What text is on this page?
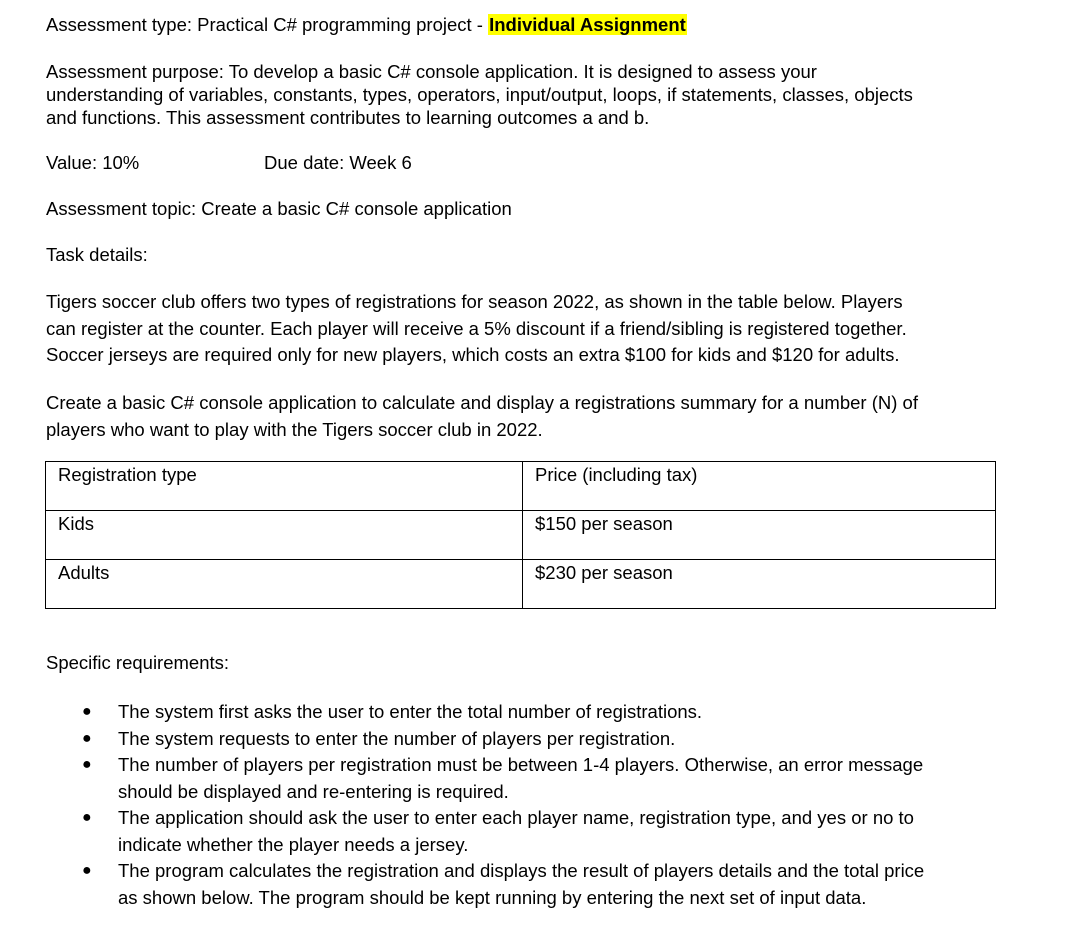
Assessment type: Practical C# programming project - Individual Assignment
Assessment purpose: To develop a basic C# console application. It is designed to assess your
understanding of variables, constants, types, operators, input/output, loops, if statements, classes, objects
and functions. This assessment contributes to learning outcomes a and b.
Value: 10%	Due date: Week 6
Assessment topic: Create a basic C# console application
Task details:
Tigers soccer club offers two types of registrations for season 2022, as shown in the table below. Players
can register at the counter. Each player will receive a 5% discount if a friend/sibling is registered together.
Soccer jerseys are required only for new players, which costs an extra $100 for kids and $120 for adults.
Create a basic C# console application to calculate and display a registrations summary for a number (N) of
players who want to play with the Tigers soccer club in 2022.
Registration type	Price (including tax)
Kids	$150 per season
Adults	$230 per season
Specific requirements:
● The system first asks the user to enter the total number of registrations.
● The system requests to enter the number of players per registration.
● The number of players per registration must be between 1-4 players. Otherwise, an error message
should be displayed and re-entering is required.
● The application should ask the user to enter each player name, registration type, and yes or no to
indicate whether the player needs a jersey.
● The program calculates the registration and displays the result of players details and the total price
as shown below. The program should be kept running by entering the next set of input data.
